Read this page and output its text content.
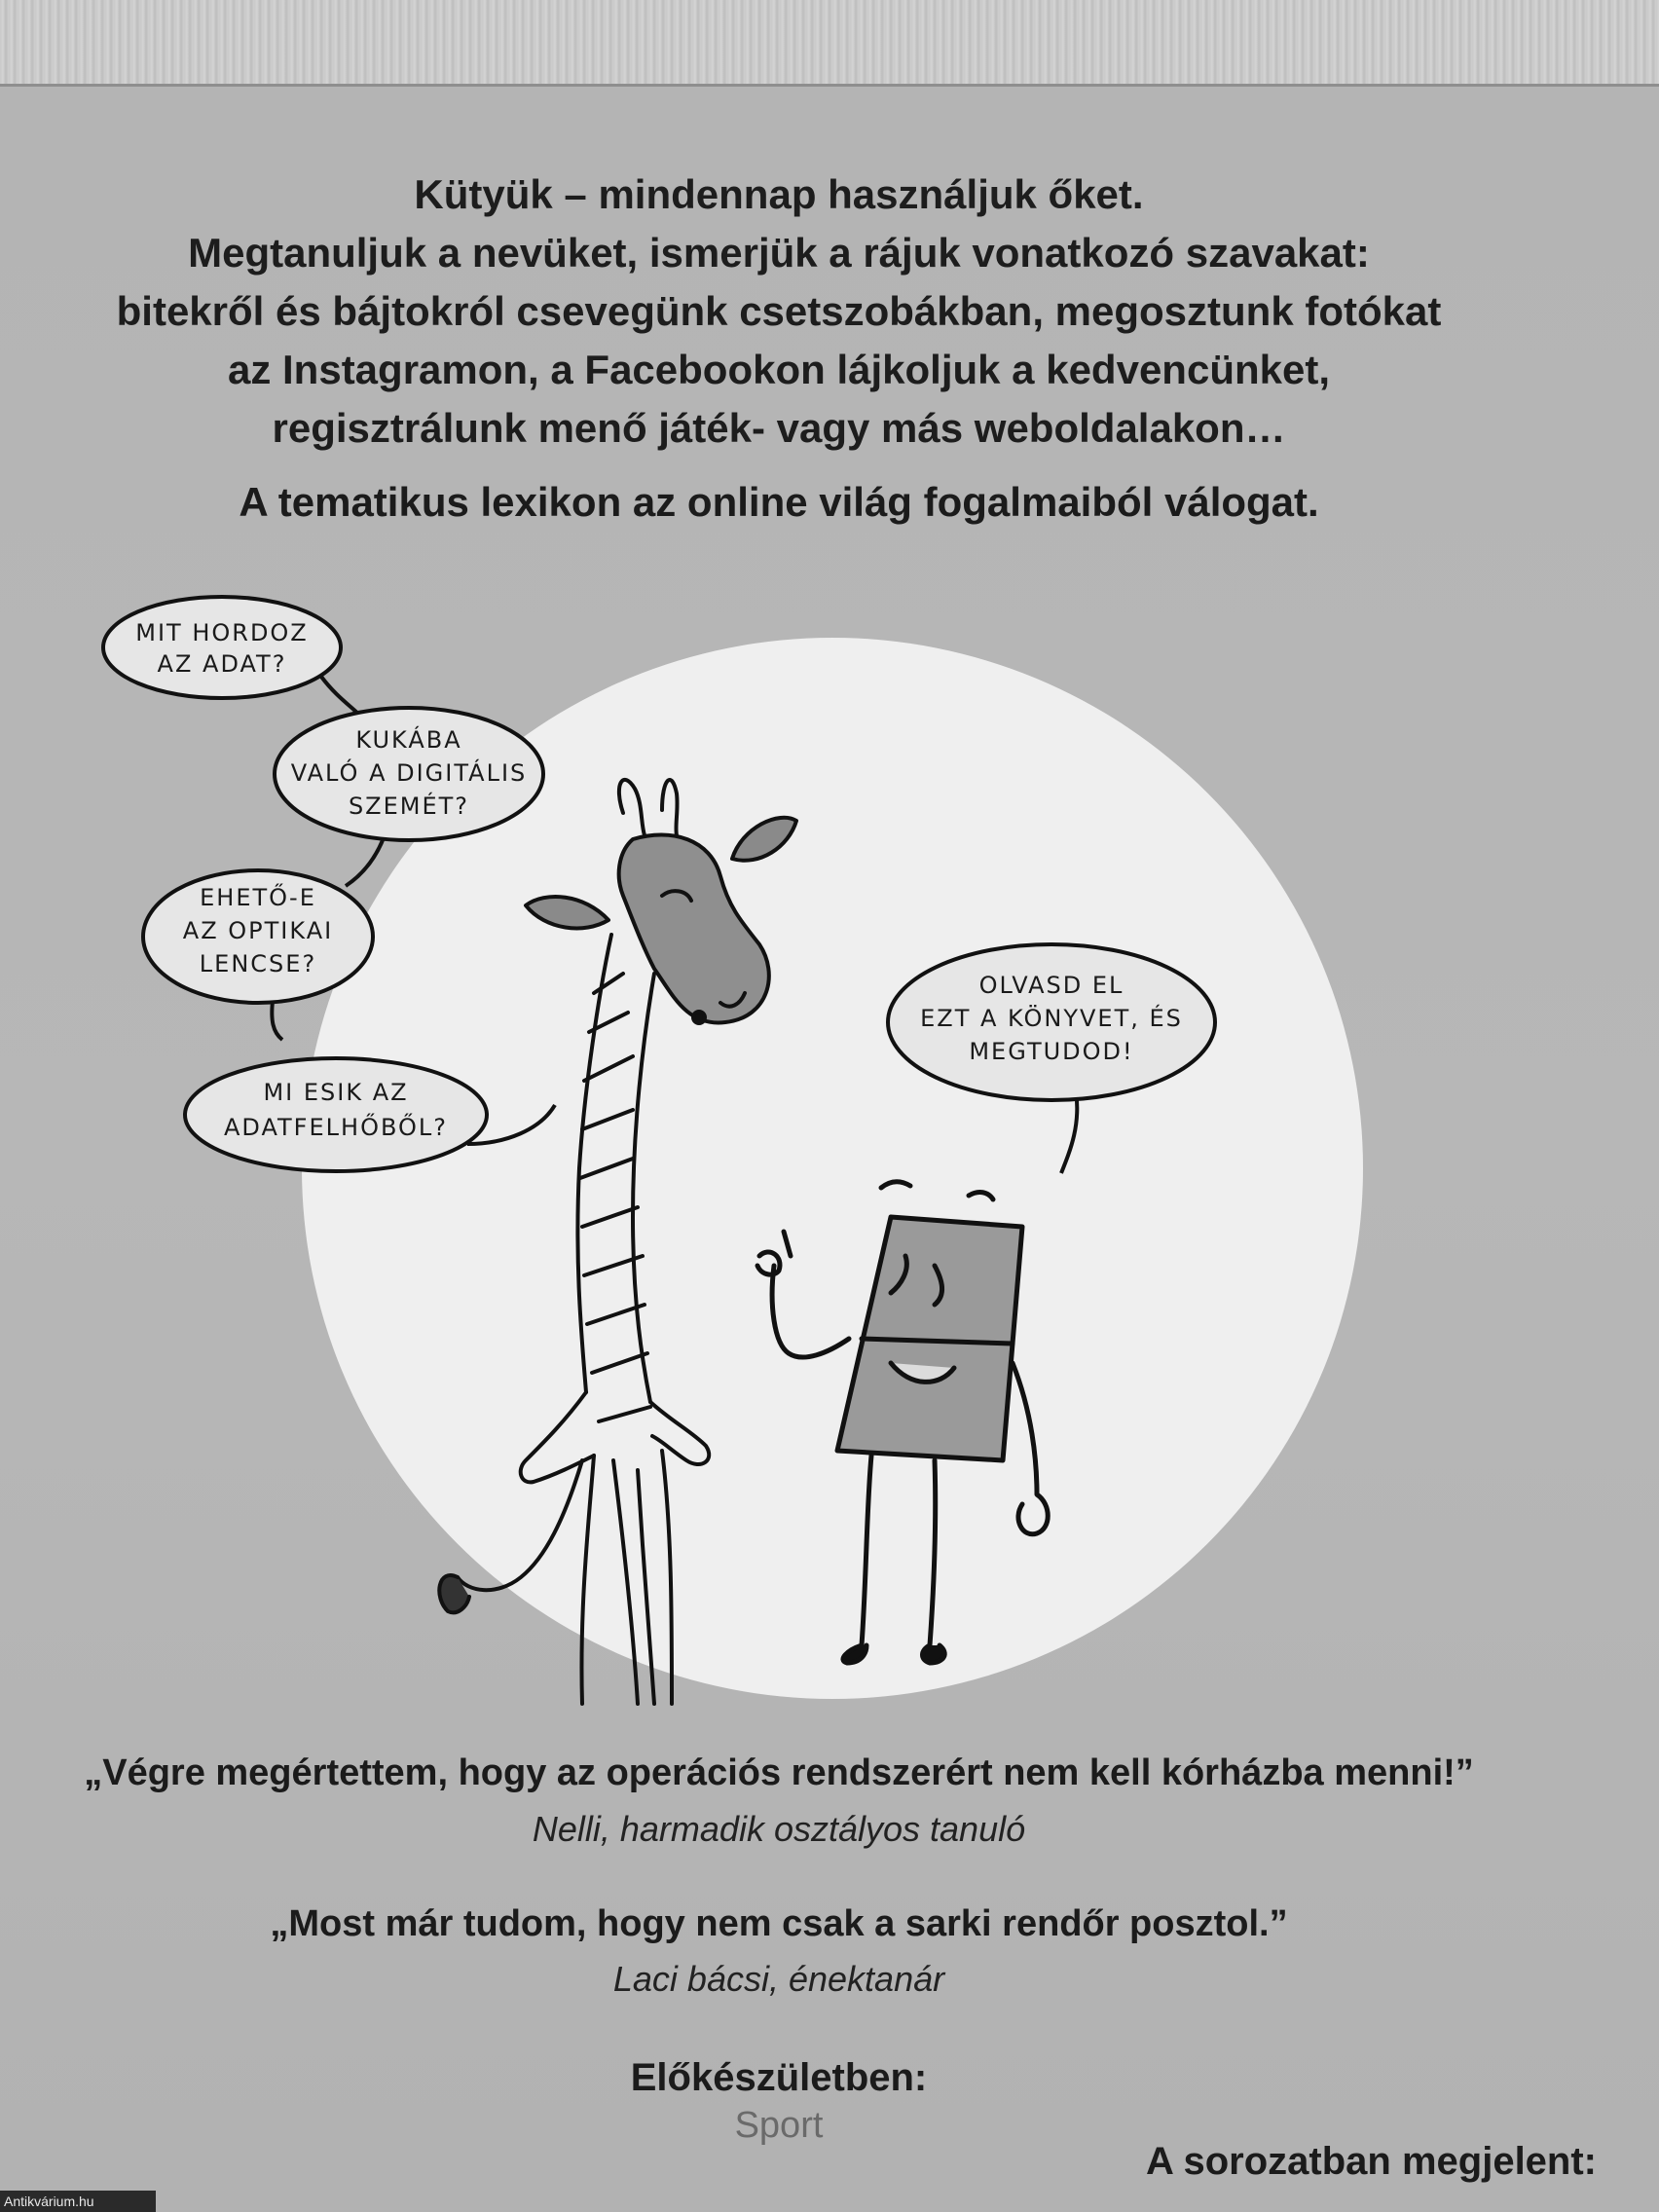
Kütyük – mindennap használjuk őket.
Megtanuljuk a nevüket, ismerjük a rájuk vonatkozó szavakat:
bitekről és bájtokról csevegünk csetszobákban, megosztunk fotókat
az Instagramon, a Facebookon lájkoljuk a kedvencünket,
regisztrálunk menő játék- vagy más weboldalakon…
A tematikus lexikon az online világ fogalmaiból válogat.
MIT HORDOZ
AZ ADAT?
KUKÁBA
VALÓ A DIGITÁLIS
SZEMÉT?
EHETŐ-E
AZ OPTIKAI
LENCSE?
MI ESIK AZ
ADATFELHŐBŐL?
OLVASD EL
EZT A KÖNYVET, ÉS
MEGTUDOD!
„Végre megértettem, hogy az operációs rendszerért nem kell kórházba menni!”
Nelli, harmadik osztályos tanuló
„Most már tudom, hogy nem csak a sarki rendőr posztol.”
Laci bácsi, énektanár
Előkészületben:
Sport
A sorozatban megjelent:
Antikvárium.hu
